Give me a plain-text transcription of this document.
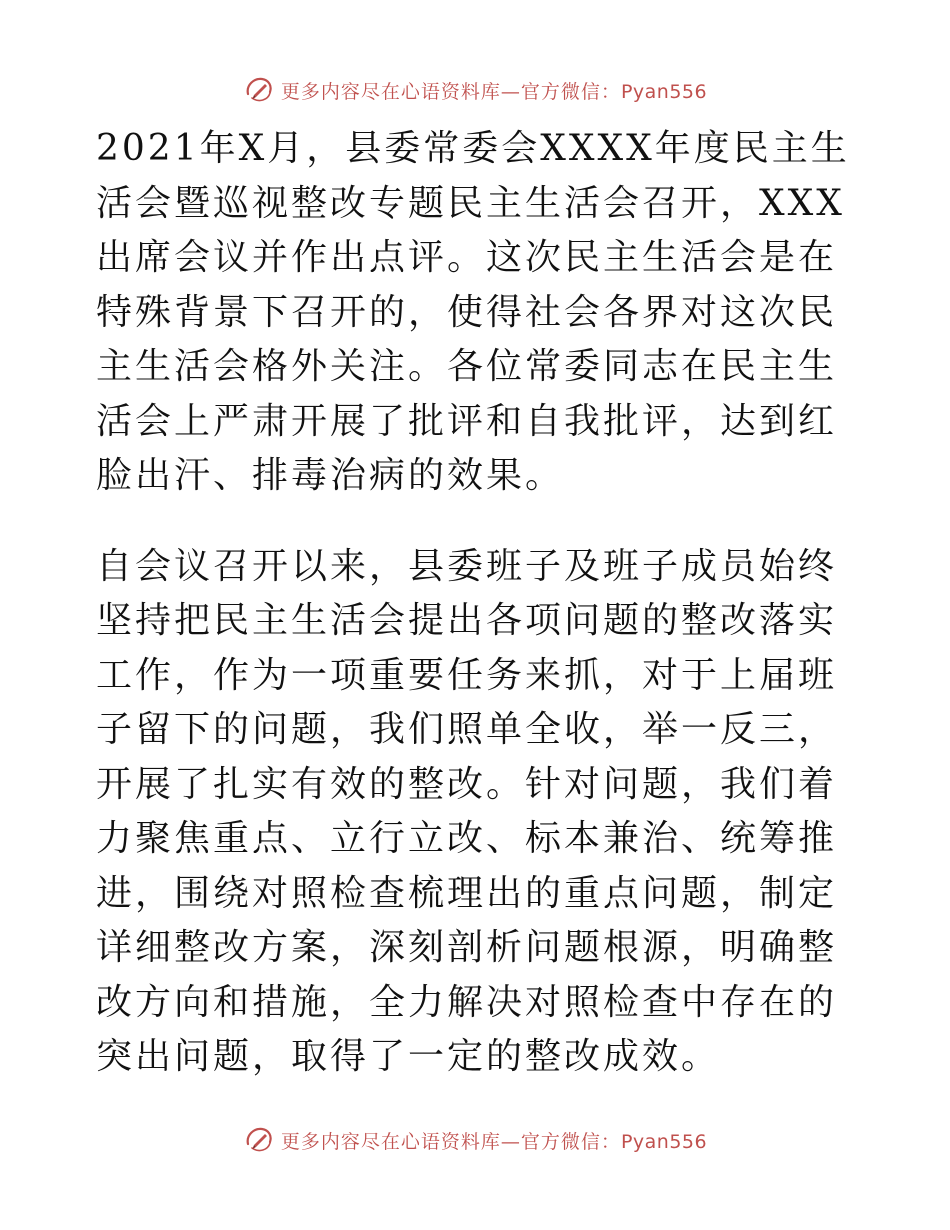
更多内容尽在心语资料库—官方微信：Pyan556

2021年X月，县委常委会XXXX年度民主生活会暨巡视整改专题民主生活会召开，XXX出席会议并作出点评。这次民主生活会是在特殊背景下召开的，使得社会各界对这次民主生活会格外关注。各位常委同志在民主生活会上严肃开展了批评和自我批评，达到红脸出汗、排毒治病的效果。

自会议召开以来，县委班子及班子成员始终坚持把民主生活会提出各项问题的整改落实工作，作为一项重要任务来抓，对于上届班子留下的问题，我们照单全收，举一反三，开展了扎实有效的整改。针对问题，我们着力聚焦重点、立行立改、标本兼治、统筹推进，围绕对照检查梳理出的重点问题，制定详细整改方案，深刻剖析问题根源，明确整改方向和措施，全力解决对照检查中存在的突出问题，取得了一定的整改成效。

更多内容尽在心语资料库—官方微信：Pyan556
